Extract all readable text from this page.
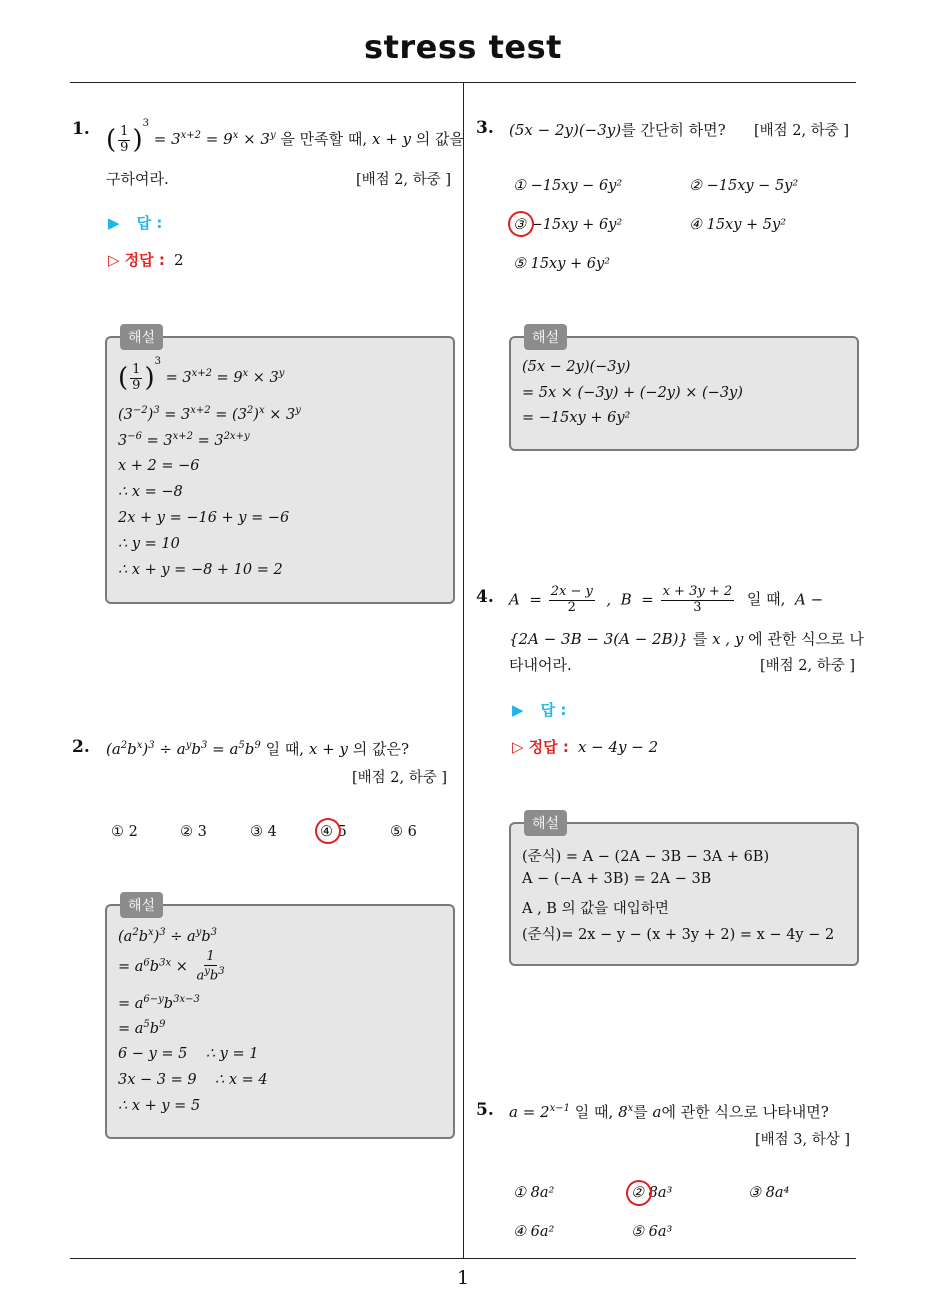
stress test
1
1. ( $\frac{1}{9} )^3 = 3^{x+2} = 9^x \times 3^y$ 을 만족할 때, x + y 의 값을
구하여라.	[배점 2, 하중 ]
▶ 답 :
▷ 정답 : 2
해설
( $\frac{1}{9} )^3 = 3^{x+2} = 9^x \times 3^y$
$(3^{-2})^3 = 3^{x+2} = (3^2)^x \times 3^y$
$3^{-6} = 3^{x+2} = 3^{2x+y}$
x + 2 = −6
∴ x = −8
2x + y = −16 + y = −6
∴ y = 10
∴ x + y = −8 + 10 = 2
2. $(a^2b^x)^3 \div a^yb^3 = a^5b^9$ 일 때, x + y 의 값은?
[배점 2, 하중 ]
① 2	② 3	③ 4	④ 5	⑤ 6
해설
$(a^2b^x)^3 \div a^yb^3$
= $a^6b^{3x} \times \frac{1}{a^yb^3}$
= $a^{6-y}b^{3x-3}$
= $a^5b^9$
6 − y = 5    ∴ y = 1
3x − 3 = 9    ∴ x = 4
∴ x + y = 5
3. (5x − 2y)(−3y)를 간단히 하면? [배점 2, 하중 ]
① −15xy − 6y²	② −15xy − 5y²
③ −15xy + 6y²	④ 15xy + 5y²
⑤ 15xy + 6y²
해설
(5x − 2y)(−3y)
= 5x × (−3y) + (−2y) × (−3y)
= −15xy + 6y²
4. $A = \frac{2x - y}{2}$ ,  $B = \frac{x + 3y + 2}{3}$ 일 때,  A −
{2A − 3B − 3(A − 2B)} 를 x , y 에 관한 식으로 나
타내어라.	[배점 2, 하중 ]
▶ 답 :
▷ 정답 : x − 4y − 2
해설
(준식) = A − (2A − 3B − 3A + 6B)
A − (−A + 3B) = 2A − 3B
A , B 의 값을 대입하면
(준식)= 2x − y − (x + 3y + 2) = x − 4y − 2
5. $a = 2^{x-1}$ 일 때, 8$^x$를 a에 관한 식으로 나타내면?
[배점 3, 하상 ]
① 8a²	② 8a³	③ 8a⁴
④ 6a²	⑤ 6a³
